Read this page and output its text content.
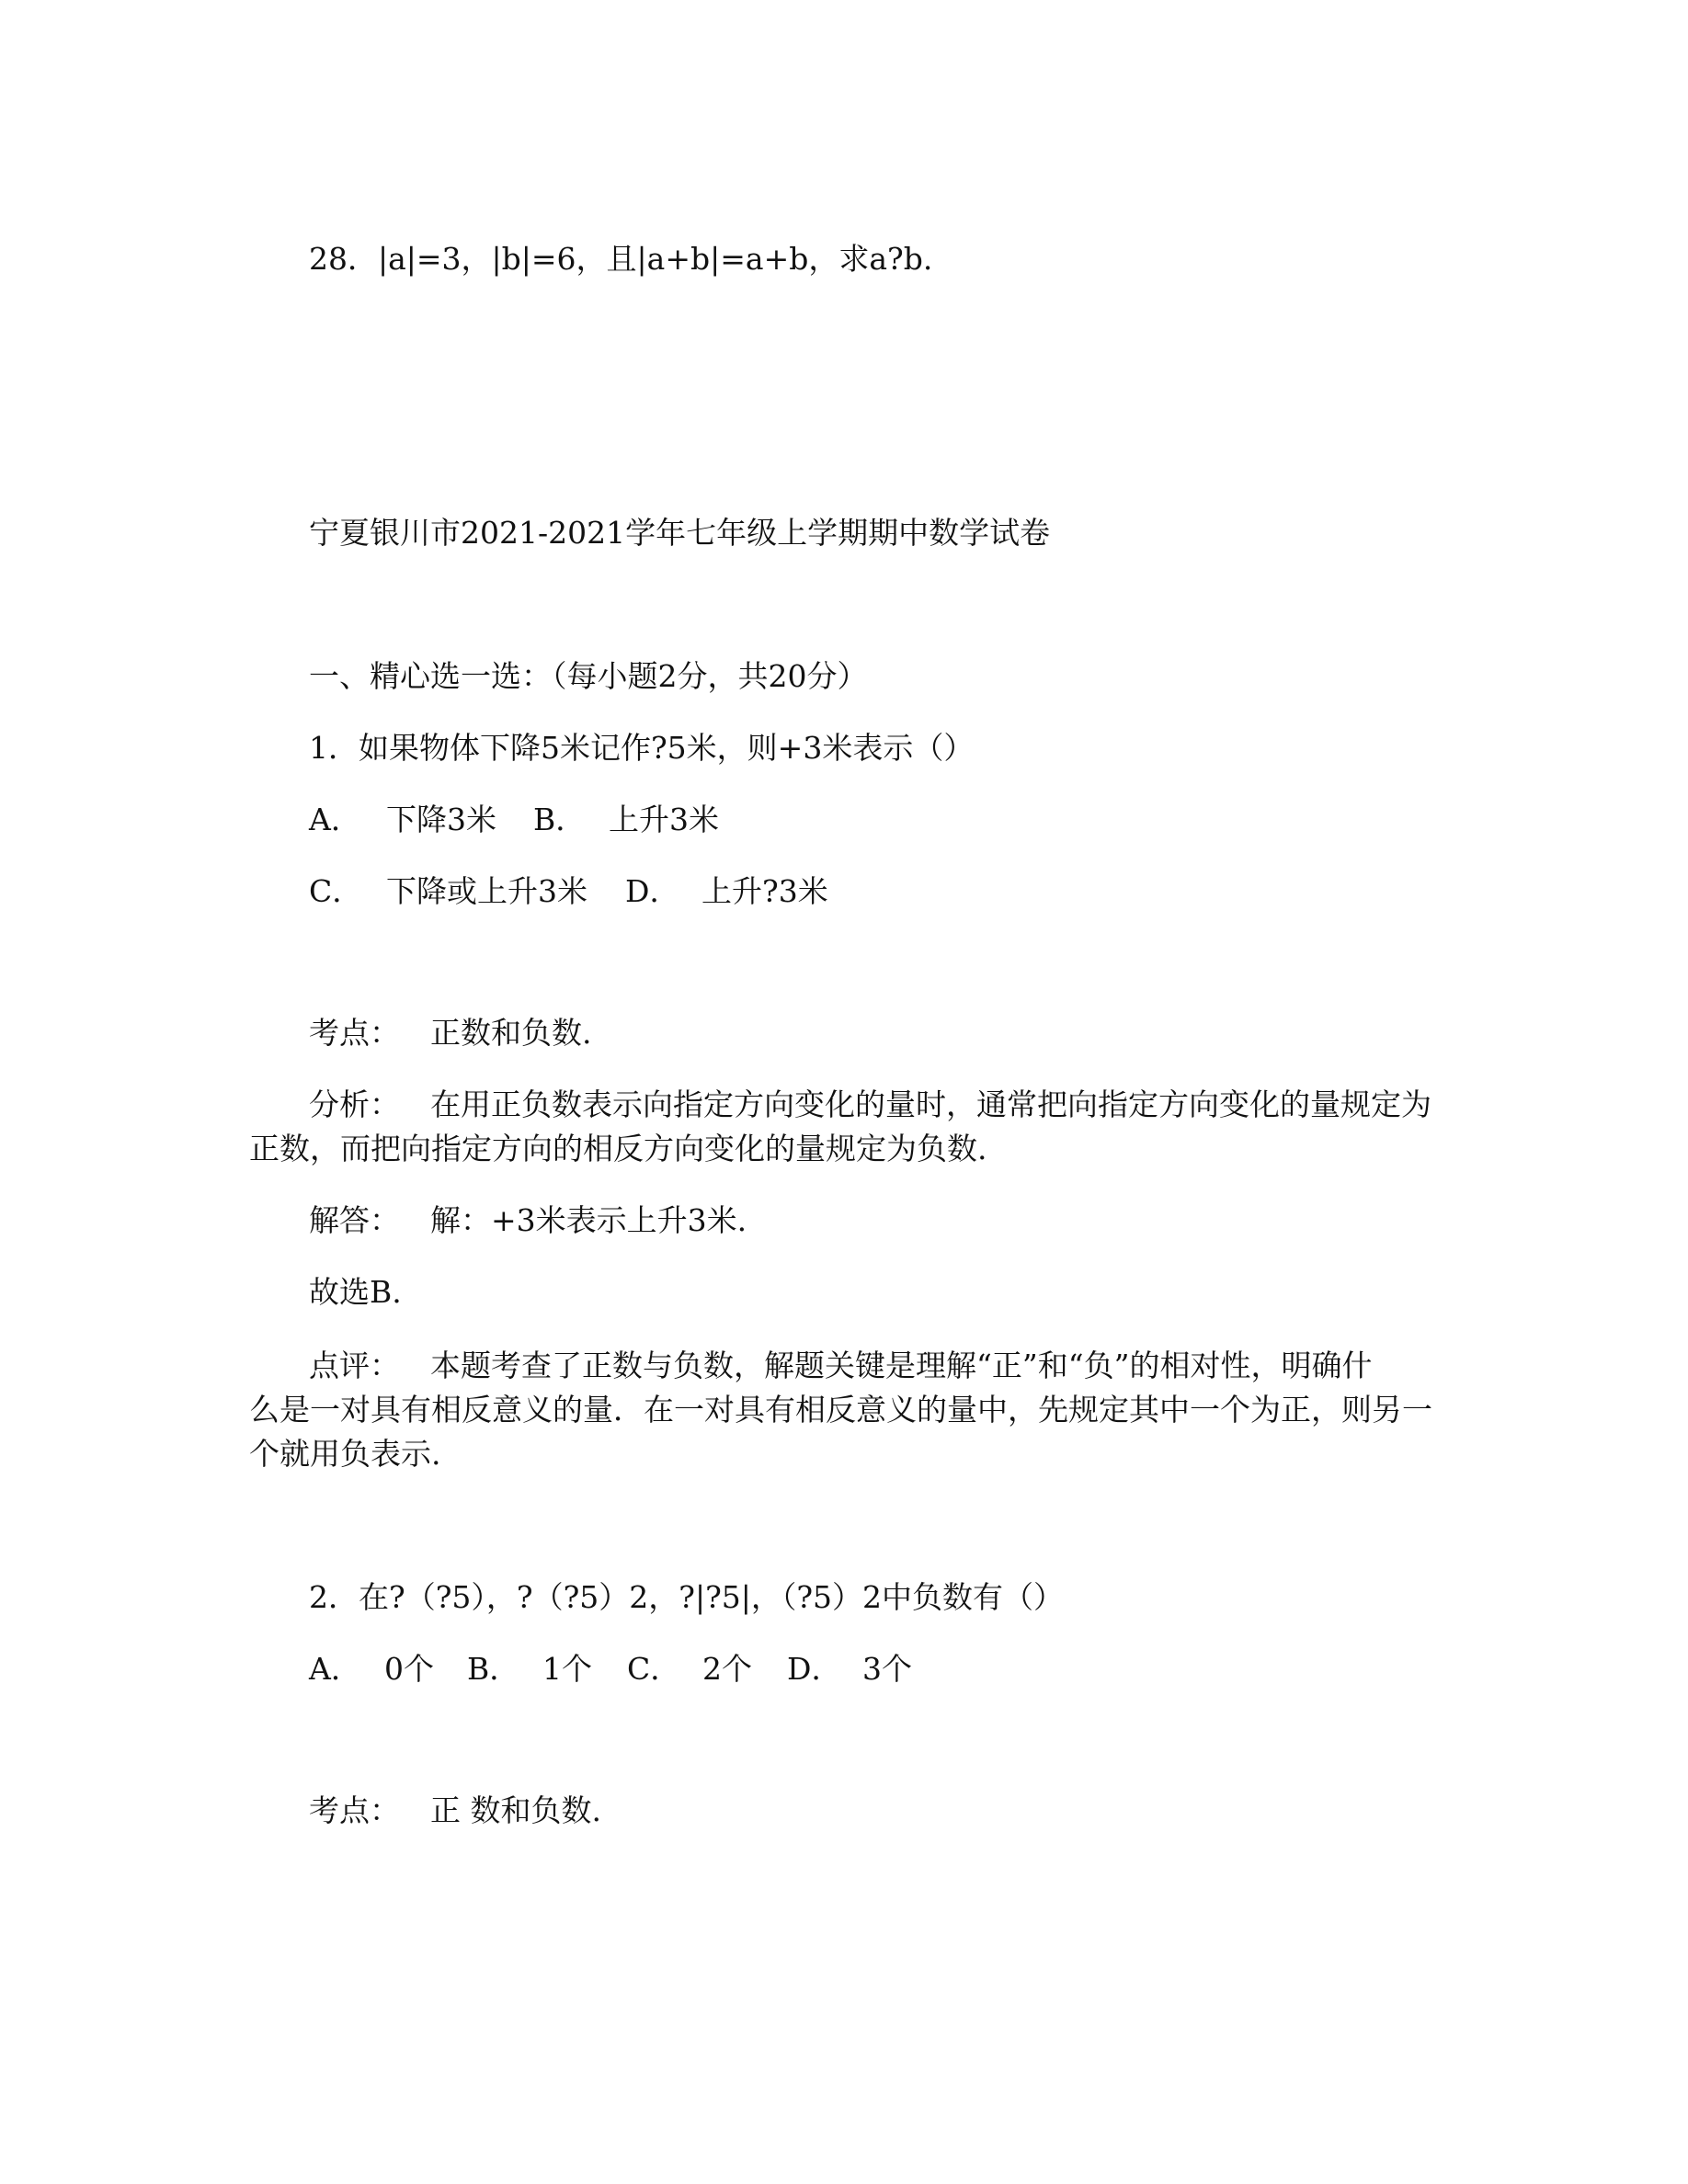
28．|a|=3，|b|=6，且|a+b|=a+b，求a?b.
宁夏银川市2021-2021学年七年级上学期期中数学试卷
一、精心选一选：（每小题2分，共20分）
1．如果物体下降5米记作?5米，则+3米表示（）
A． 下降3米 B． 上升3米
C． 下降或上升3米 D． 上升?3米
考点： 正数和负数.
分析： 在用正负数表示向指定方向变化的量时，通常把向指定方向变化的量规定为
正数，而把向指定方向的相反方向变化的量规定为负数.
解答： 解：+3米表示上升3米.
故选B.
点评： 本题考查了正数与负数，解题关键是理解“正”和“负”的相对性，明确什
么是一对具有相反意义的量．在一对具有相反意义的量中，先规定其中一个为正，则另一
个就用负表示.
2．在?（?5），?（?5）2，?|?5|，（?5）2中负数有（）
A． 0个 B． 1个 C． 2个 D． 3个
考点： 正 数和负数.
